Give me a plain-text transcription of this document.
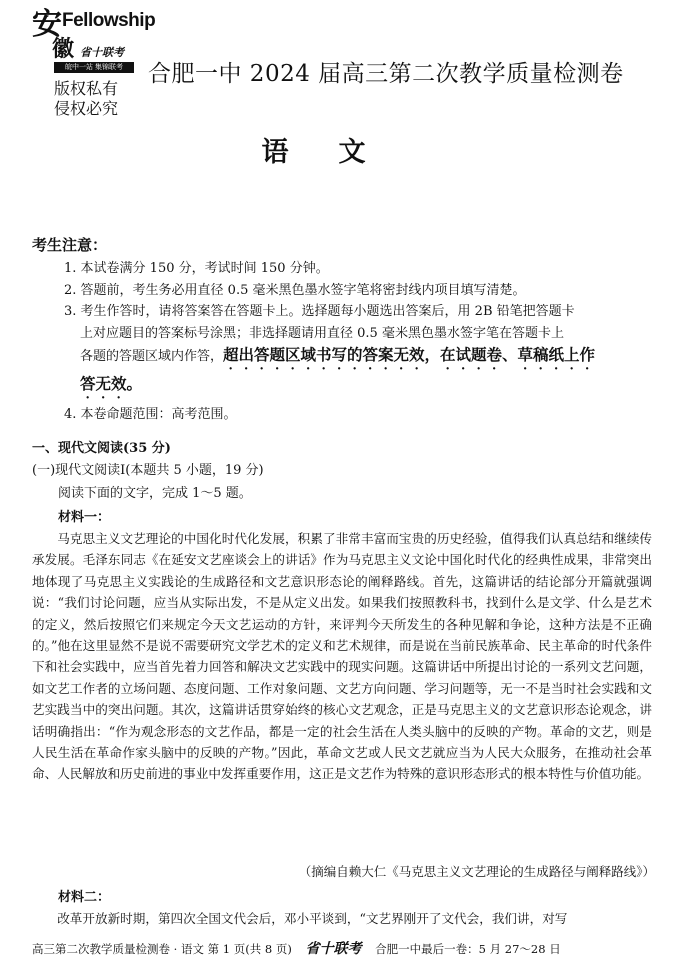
安
徽
Fellowship
省十联考
皖中一站 集锦联考
版权私有
侵权必究
合肥一中 2024 届高三第二次教学质量检测卷
语文
考生注意：

1. 本试卷满分 150 分，考试时间 150 分钟。

2. 答题前，考生务必用直径 0.5 毫米黑色墨水签字笔将密封线内项目填写清楚。

3. 考生作答时，请将答案答在答题卡上。选择题每小题选出答案后，用 2B 铅笔把答题卡

上对应题目的答案标号涂黑；非选择题请用直径 0.5 毫米黑色墨水签字笔在答题卡上

各题的答题区域内作答，超出答题区域书写的答案无效，在试题卷、草稿纸上作

答无效。

4. 本卷命题范围：高考范围。

一、现代文阅读(35 分)
(一)现代文阅读Ⅰ(本题共 5 小题，19 分)
阅读下面的文字，完成 1～5 题。
材料一：

马克思主义文艺理论的中国化时代化发展，积累了非常丰富而宝贵的历史经验，值得我们认真总结和继续传承发展。毛泽东同志《在延安文艺座谈会上的讲话》作为马克思主义文论中国化时代化的经典性成果，非常突出地体现了马克思主义实践论的生成路径和文艺意识形态论的阐释路线。首先，这篇讲话的结论部分开篇就强调说：“我们讨论问题，应当从实际出发，不是从定义出发。如果我们按照教科书，找到什么是文学、什么是艺术的定义，然后按照它们来规定今天文艺运动的方针，来评判今天所发生的各种见解和争论，这种方法是不正确的。”他在这里显然不是说不需要研究文学艺术的定义和艺术规律，而是说在当前民族革命、民主革命的时代条件下和社会实践中，应当首先着力回答和解决文艺实践中的现实问题。这篇讲话中所提出讨论的一系列文艺问题，如文艺工作者的立场问题、态度问题、工作对象问题、文艺方向问题、学习问题等，无一不是当时社会实践和文艺实践当中的突出问题。其次，这篇讲话贯穿始终的核心文艺观念，正是马克思主义的文艺意识形态论观念，讲话明确指出：“作为观念形态的文艺作品，都是一定的社会生活在人类头脑中的反映的产物。革命的文艺，则是人民生活在革命作家头脑中的反映的产物。”因此，革命文艺或人民文艺就应当为人民大众服务，在推动社会革命、人民解放和历史前进的事业中发挥重要作用，这正是文艺作为特殊的意识形态形式的根本特性与价值功能。

（摘编自赖大仁《马克思主义文艺理论的生成路径与阐释路线》）
材料二：
改革开放新时期，第四次全国文代会后，邓小平谈到，“文艺界刚开了文代会，我们讲，对写
高三第二次教学质量检测卷 · 语文 第 1 页(共 8 页) 省十联考 合肥一中最后一卷：5 月 27～28 日
